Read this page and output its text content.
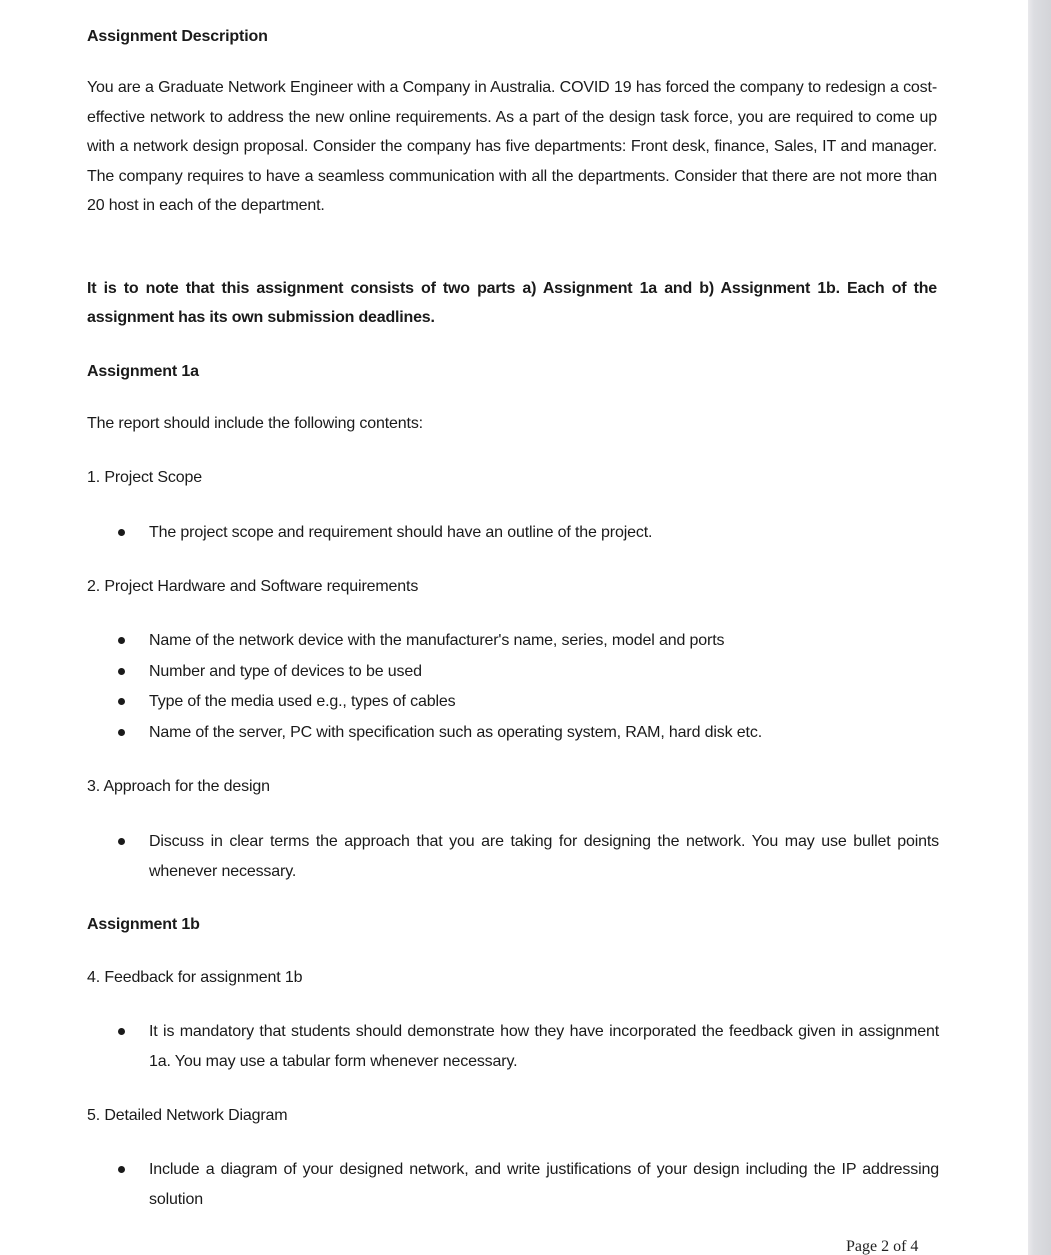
Assignment Description
You are a Graduate Network Engineer with a Company in Australia. COVID 19 has forced the company to redesign a cost-effective network to address the new online requirements. As a part of the design task force, you are required to come up with a network design proposal. Consider the company has five departments: Front desk, finance, Sales, IT and manager. The company requires to have a seamless communication with all the departments. Consider that there are not more than 20 host in each of the department.
It is to note that this assignment consists of two parts a) Assignment 1a and b) Assignment 1b. Each of the assignment has its own submission deadlines.
Assignment 1a
The report should include the following contents:
1. Project Scope
The project scope and requirement should have an outline of the project.
2. Project Hardware and Software requirements
Name of the network device with the manufacturer's name, series, model and ports
Number and type of devices to be used
Type of the media used e.g., types of cables
Name of the server, PC with specification such as operating system, RAM, hard disk etc.
3. Approach for the design
Discuss in clear terms the approach that you are taking for designing the network. You may use bullet points whenever necessary.
Assignment 1b
4. Feedback for assignment 1b
It is mandatory that students should demonstrate how they have incorporated the feedback given in assignment 1a. You may use a tabular form whenever necessary.
5. Detailed Network Diagram
Include a diagram of your designed network, and write justifications of your design including the IP addressing solution
Page 2 of 4
